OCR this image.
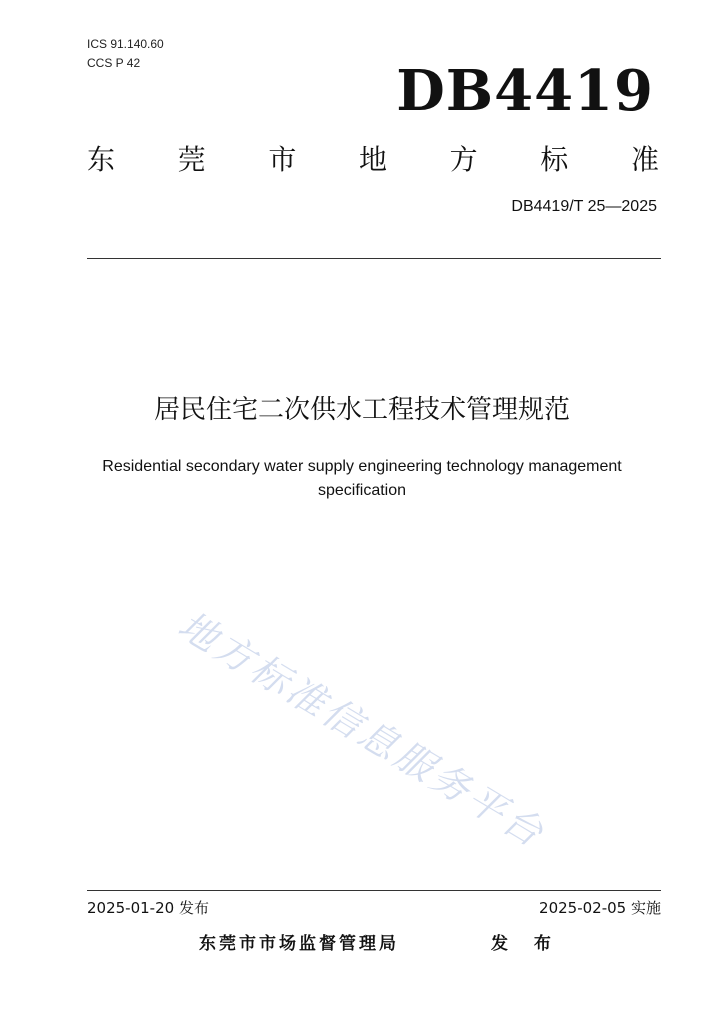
ICS 91.140.60
CCS P 42	DB4419
东 莞 市 地 方 标 准
DB4419/T 25—2025
居民住宅二次供水工程技术管理规范
Residential secondary water supply engineering technology management specification
地方标准信息服务平台
2025-01-20 发布	2025-02-05 实施
东莞市市场监督管理局	发 布
